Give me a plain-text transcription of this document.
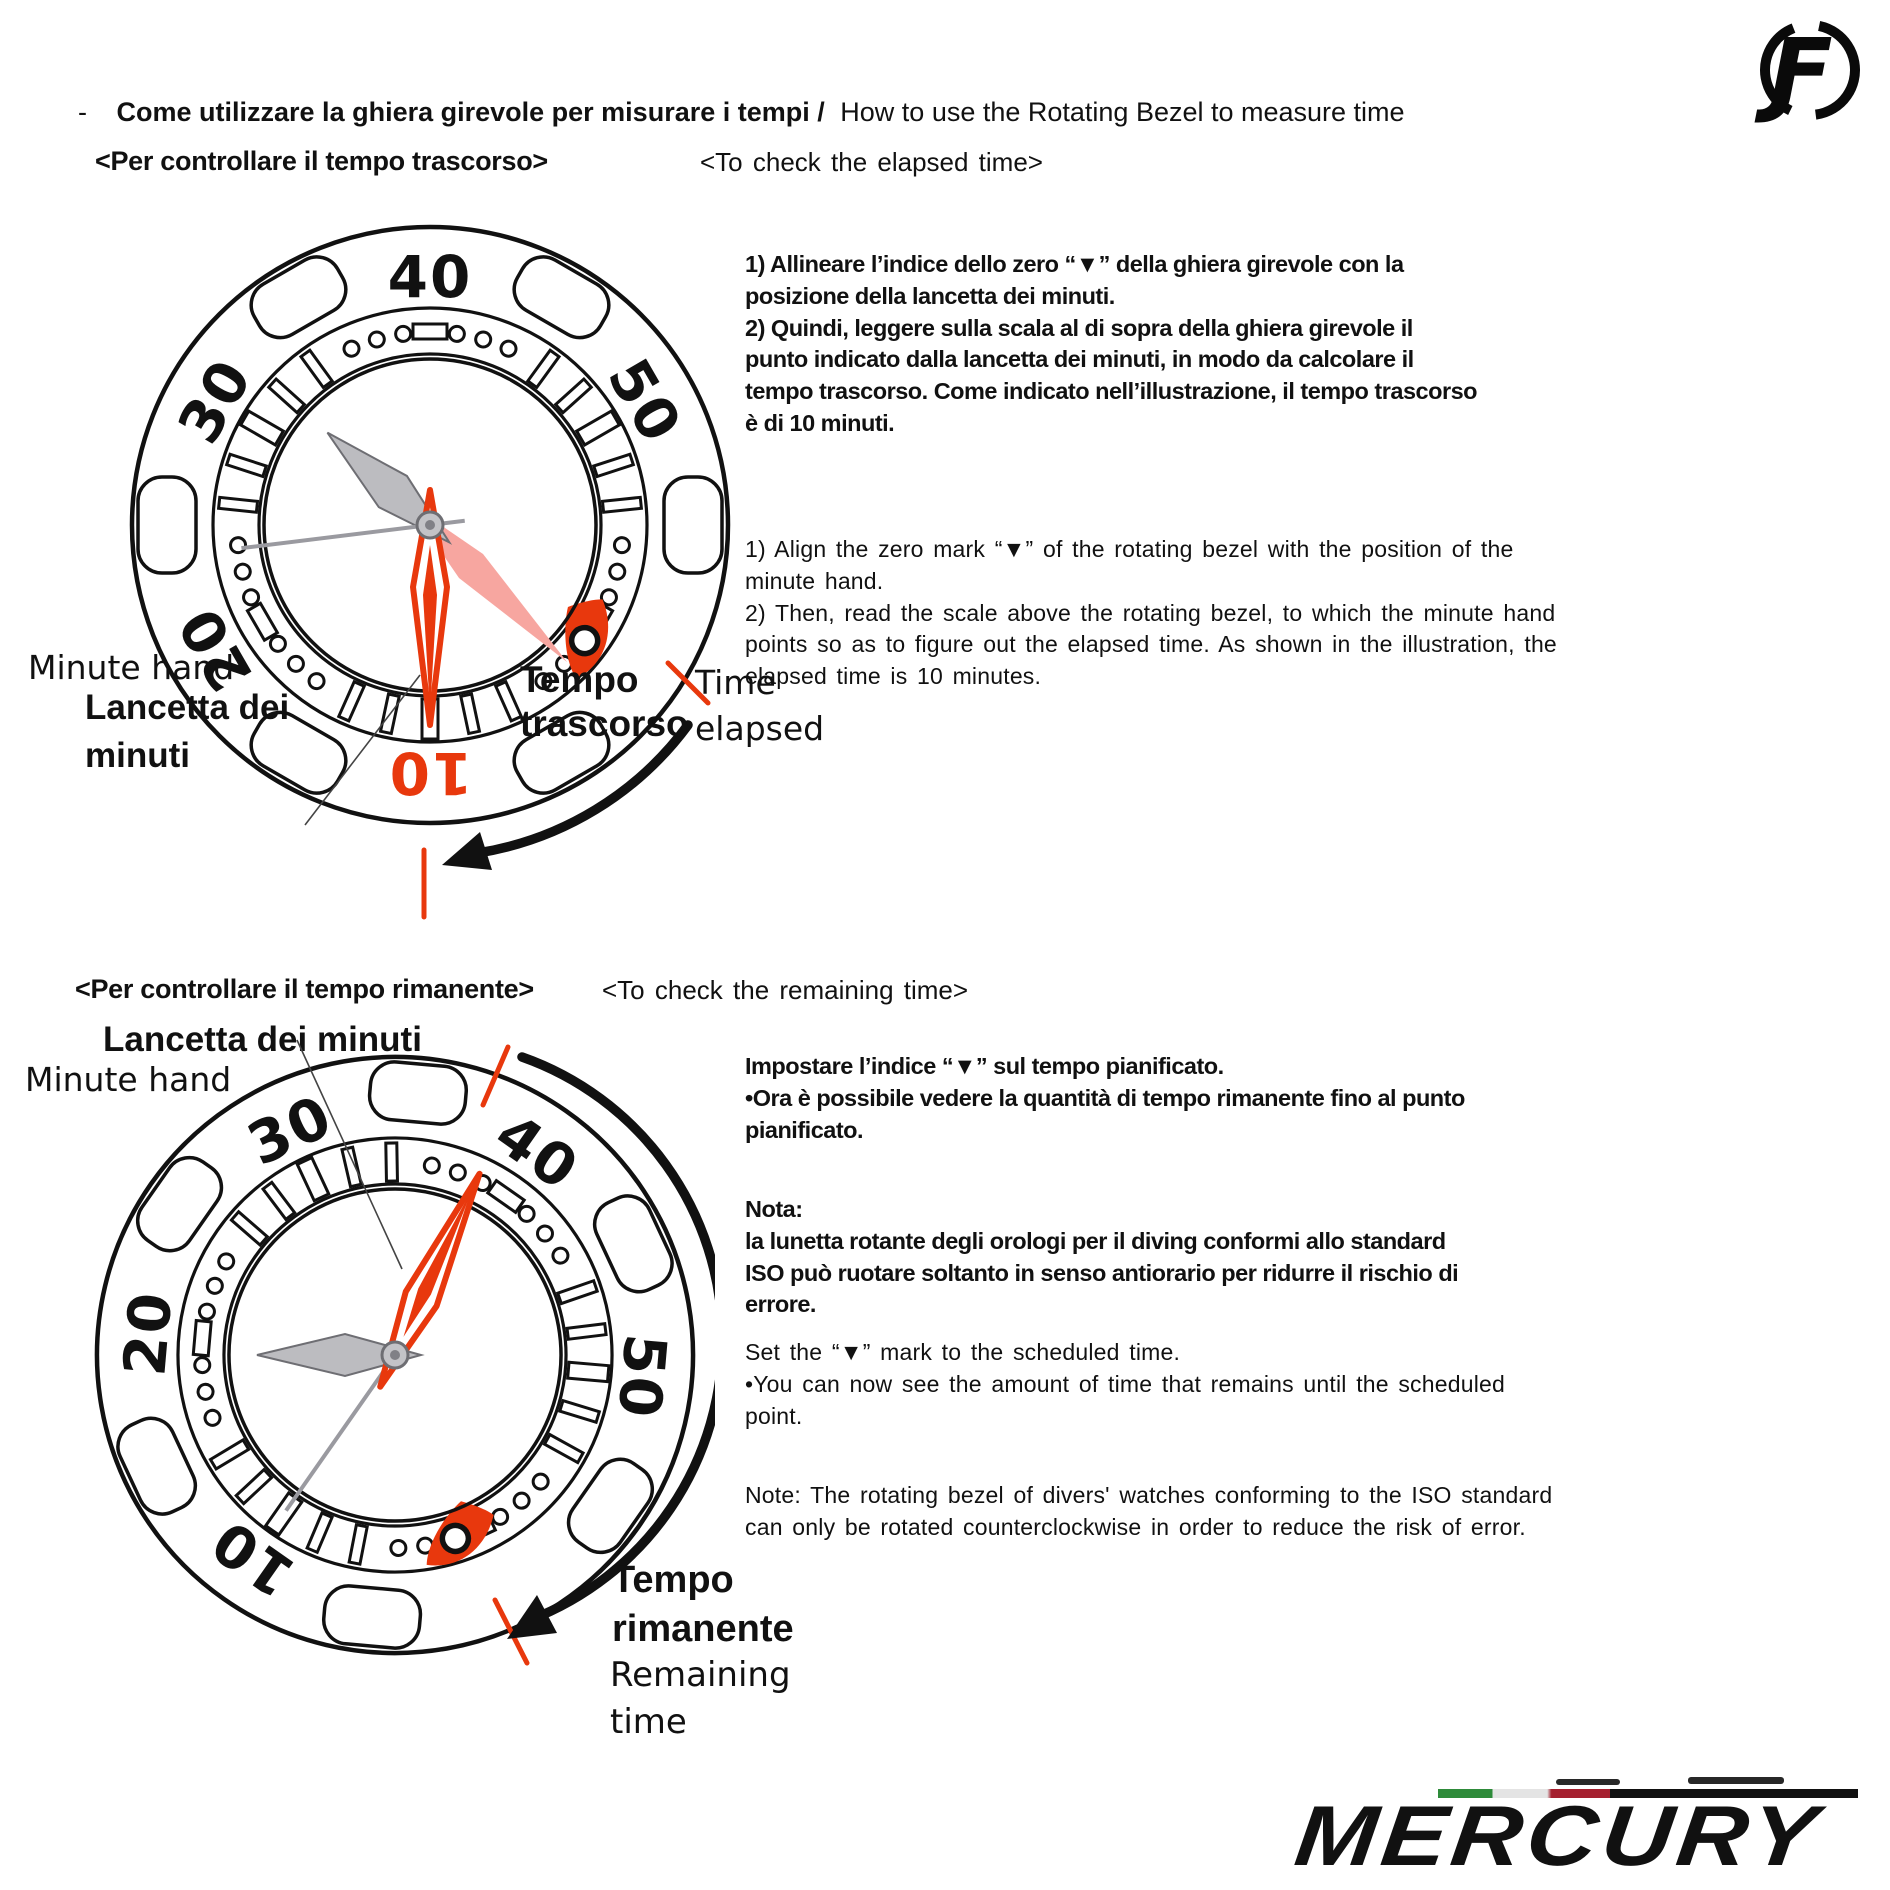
Ƒ
- Come utilizzare la ghiera girevole per misurare i tempi / How to use the Rotating Bezel to measure time
<Per controllare il tempo trascorso>	<To check the elapsed time>
Minute hand
Lancetta dei
minuti
Tempo
trascorso
Time
elapsed
1) Allineare l’indice dello zero “▼” della ghiera girevole con la
posizione della lancetta dei minuti.
2) Quindi, leggere sulla scala al di sopra della ghiera girevole il
punto indicato dalla lancetta dei minuti, in modo da calcolare il
tempo trascorso. Come indicato nell’illustrazione, il tempo trascorso
è di 10 minuti.
1) Align the zero mark “▼” of the rotating bezel with the position of the
minute hand.
2) Then, read the scale above the rotating bezel, to which the minute hand
points so as to figure out the elapsed time. As shown in the illustration, the
elapsed time is 10 minutes.
<Per controllare il tempo rimanente>	<To check the remaining time>
Lancetta dei minuti
Minute hand
Tempo
rimanente
Remaining
time
Impostare l’indice “▼” sul tempo pianificato.
•Ora è possibile vedere la quantità di tempo rimanente fino al punto
pianificato.
Nota:
la lunetta rotante degli orologi per il diving conformi allo standard
ISO può ruotare soltanto in senso antiorario per ridurre il rischio di
errore.
Set the “▼” mark to the scheduled time.
•You can now see the amount of time that remains until the scheduled
point.
Note: The rotating bezel of divers' watches conforming to the ISO standard
can only be rotated counterclockwise in order to reduce the risk of error.
MERCURY
